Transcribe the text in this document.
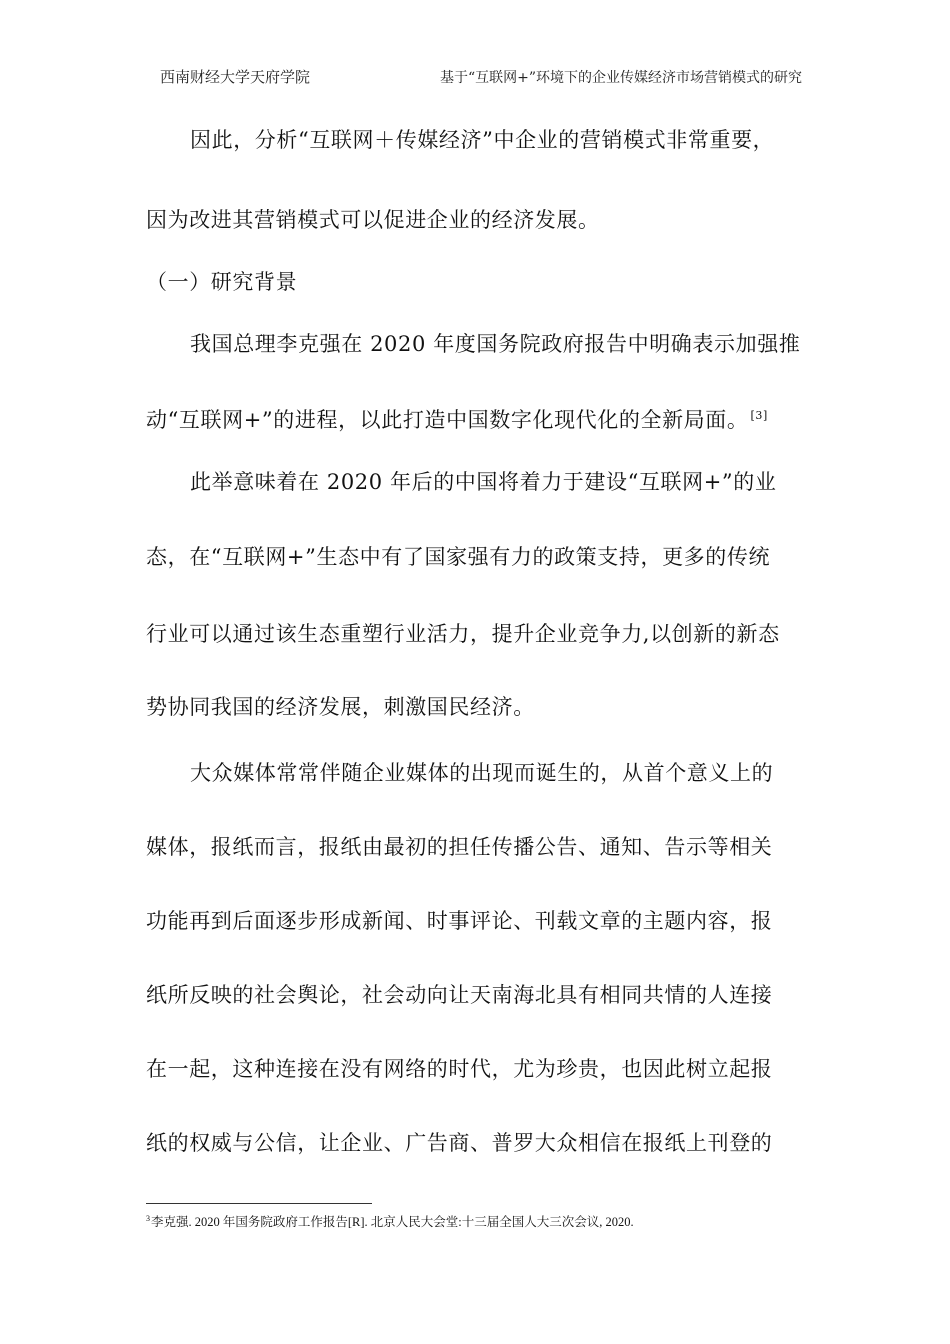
西南财经大学天府学院	基于“互联网+”环境下的企业传媒经济市场营销模式的研究
因此，分析“互联网＋传媒经济”中企业的营销模式非常重要，
因为改进其营销模式可以促进企业的经济发展。
（一）研究背景
我国总理李克强在 2020 年度国务院政府报告中明确表示加强推
动“互联网+”的进程，以此打造中国数字化现代化的全新局面。 [3]
此举意味着在 2020 年后的中国将着力于建设“互联网+”的业
态，在“互联网+”生态中有了国家强有力的政策支持，更多的传统
行业可以通过该生态重塑行业活力，提升企业竞争力,以创新的新态
势协同我国的经济发展，刺激国民经济。
大众媒体常常伴随企业媒体的出现而诞生的，从首个意义上的
媒体，报纸而言，报纸由最初的担任传播公告、通知、告示等相关
功能再到后面逐步形成新闻、时事评论、刊载文章的主题内容，报
纸所反映的社会舆论，社会动向让天南海北具有相同共情的人连接
在一起，这种连接在没有网络的时代，尤为珍贵，也因此树立起报
纸的权威与公信，让企业、广告商、普罗大众相信在报纸上刊登的
$^3$李克强. 2020 年国务院政府工作报告[R]. 北京人民大会堂:十三届全国人大三次会议, 2020.
